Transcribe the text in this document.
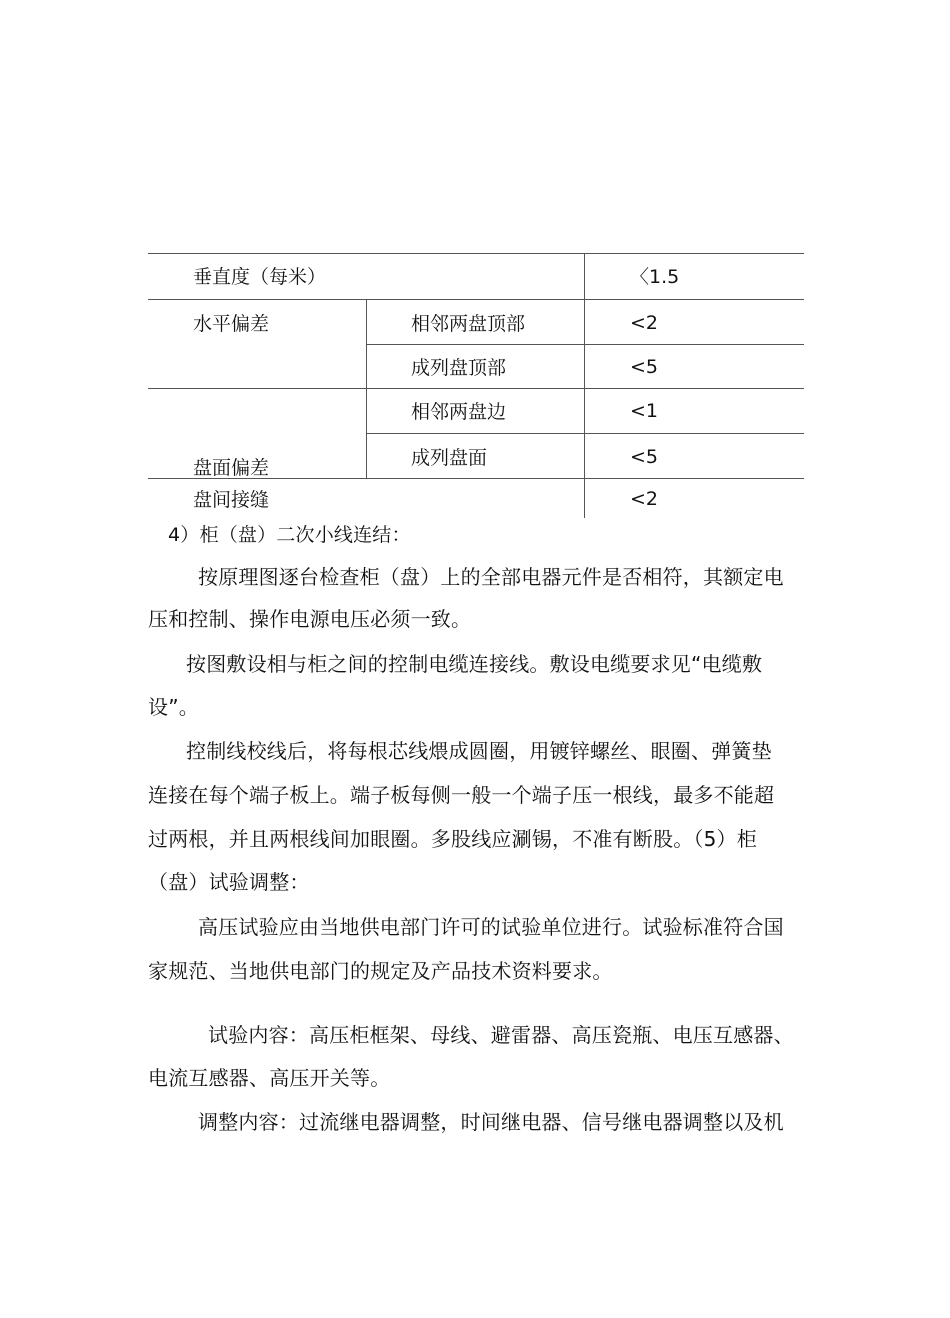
垂直度（每米）	〈1.5
水平偏差	相邻两盘顶部	<2
成列盘顶部	<5
相邻两盘边	<1
盘面偏差	成列盘面	<5
盘间接缝	<2
4）柜（盘）二次小线连结：
按原理图逐台检查柜（盘）上的全部电器元件是否相符，其额定电
压和控制、操作电源电压必须一致。
按图敷设相与柜之间的控制电缆连接线。敷设电缆要求见“电缆敷
设”。
控制线校线后，将每根芯线煨成圆圈，用镀锌螺丝、眼圈、弹簧垫
连接在每个端子板上。端子板每侧一般一个端子压一根线，最多不能超
过两根，并且两根线间加眼圈。多股线应涮锡，不准有断股。（5）柜
（盘）试验调整：
高压试验应由当地供电部门许可的试验单位进行。试验标准符合国
家规范、当地供电部门的规定及产品技术资料要求。
试验内容：高压柜框架、母线、避雷器、高压瓷瓶、电压互感器、
电流互感器、高压开关等。
调整内容：过流继电器调整，时间继电器、信号继电器调整以及机
